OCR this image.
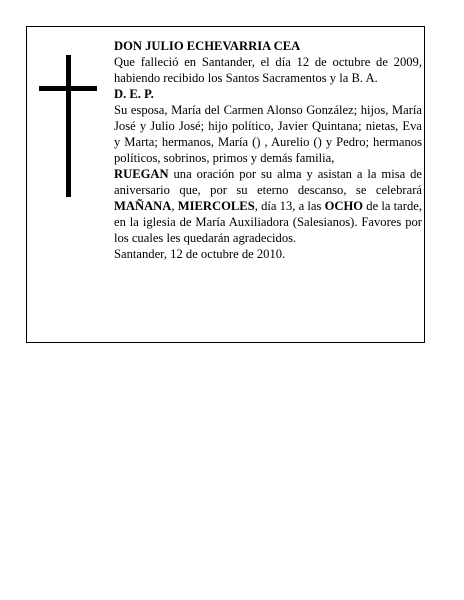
DON JULIO ECHEVARRIA CEA

Que falleció en Santander, el día 12 de octubre de 2009, habiendo recibido los Santos Sacramentos y la B. A.

D. E. P.

Su esposa, María del Carmen Alonso González; hijos, María José y Julio José; hijo político, Javier Quintana; nietas, Eva y Marta; hermanos, María () , Aurelio () y Pedro; hermanos políticos, sobrinos, primos y demás familia,

RUEGAN una oración por su alma y asistan a la misa de aniversario que, por su eterno descanso, se celebrará MAÑANA, MIERCOLES, día 13, a las OCHO de la tarde, en la iglesia de María Auxiliadora (Salesianos). Favores por los cuales les quedarán agradecidos.

Santander, 12 de octubre de 2010.
